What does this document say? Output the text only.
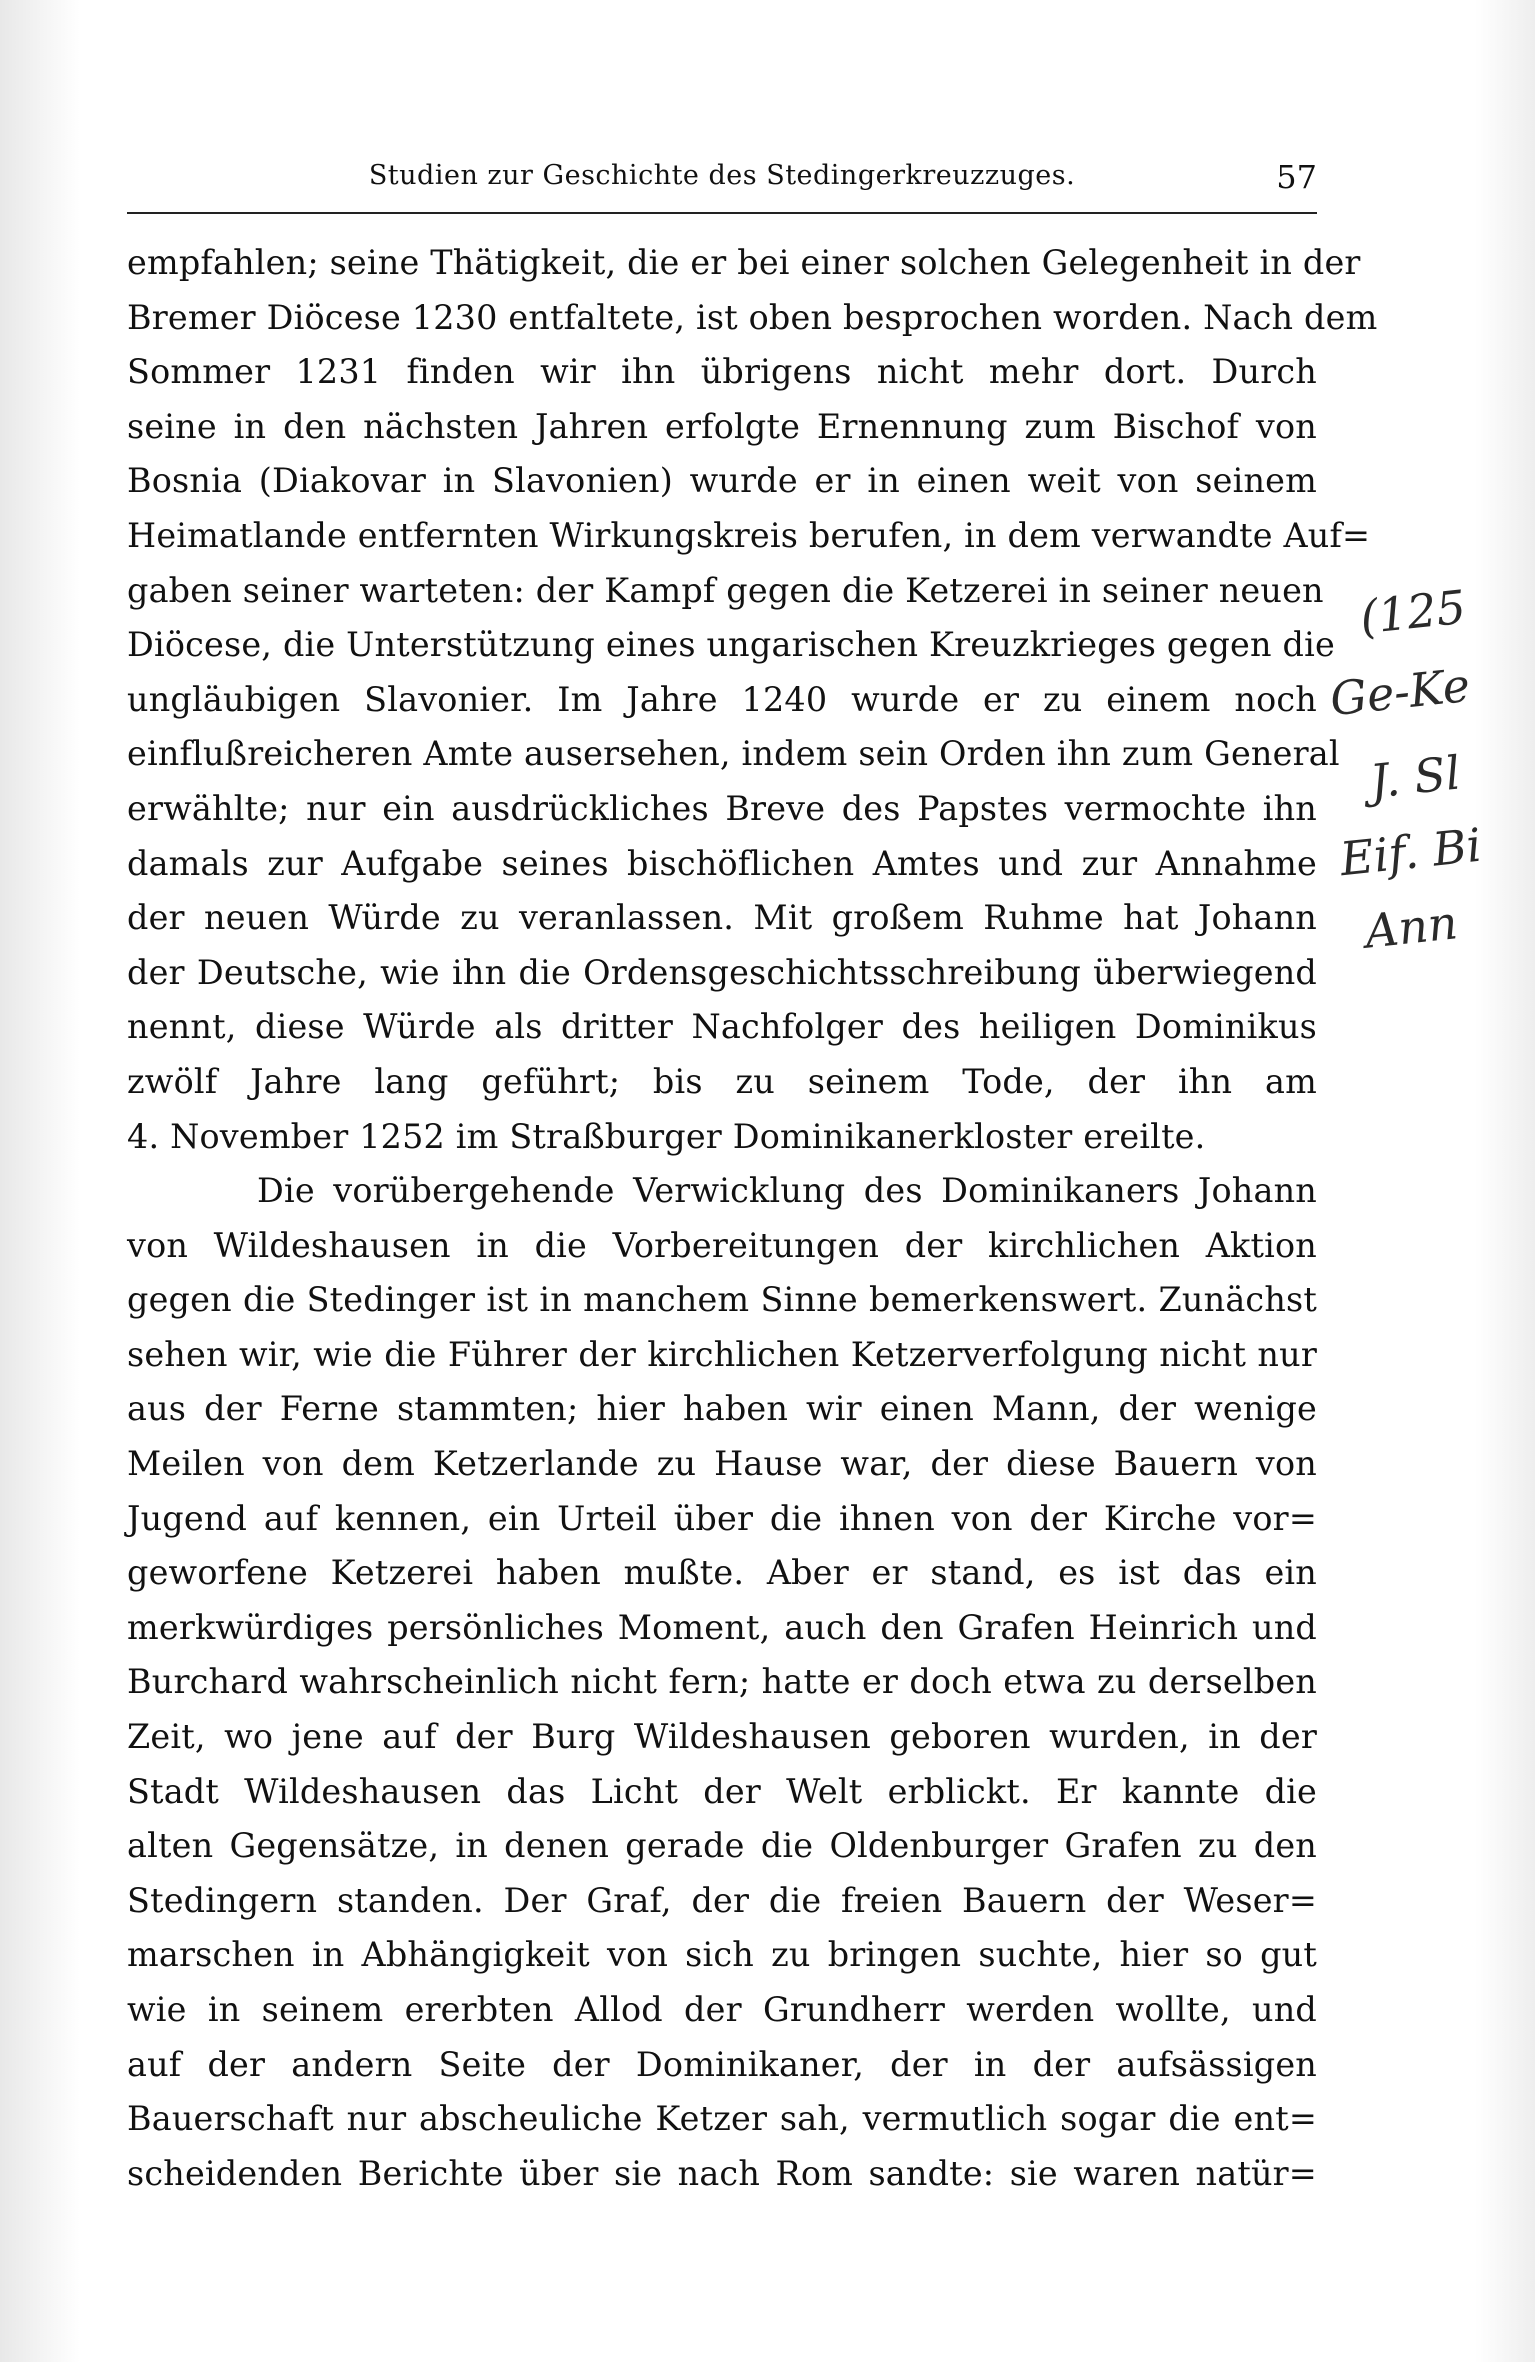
Studien zur Geschichte des Stedingerkreuzzuges.	57
empfahlen; seine Thätigkeit, die er bei einer solchen Gelegenheit in der
Bremer Diöcese 1230 entfaltete, ist oben besprochen worden. Nach dem
Sommer 1231 finden wir ihn übrigens nicht mehr dort. Durch
seine in den nächsten Jahren erfolgte Ernennung zum Bischof von
Bosnia (Diakovar in Slavonien) wurde er in einen weit von seinem
Heimatlande entfernten Wirkungskreis berufen, in dem verwandte Auf=
gaben seiner warteten: der Kampf gegen die Ketzerei in seiner neuen
Diöcese, die Unterstützung eines ungarischen Kreuzkrieges gegen die
ungläubigen Slavonier. Im Jahre 1240 wurde er zu einem noch
einflußreicheren Amte ausersehen, indem sein Orden ihn zum General
erwählte; nur ein ausdrückliches Breve des Papstes vermochte ihn
damals zur Aufgabe seines bischöflichen Amtes und zur Annahme
der neuen Würde zu veranlassen. Mit großem Ruhme hat Johann
der Deutsche, wie ihn die Ordensgeschichtsschreibung überwiegend
nennt, diese Würde als dritter Nachfolger des heiligen Dominikus
zwölf Jahre lang geführt; bis zu seinem Tode, der ihn am
4. November 1252 im Straßburger Dominikanerkloster ereilte.
Die vorübergehende Verwicklung des Dominikaners Johann
von Wildeshausen in die Vorbereitungen der kirchlichen Aktion
gegen die Stedinger ist in manchem Sinne bemerkenswert. Zunächst
sehen wir, wie die Führer der kirchlichen Ketzerverfolgung nicht nur
aus der Ferne stammten; hier haben wir einen Mann, der wenige
Meilen von dem Ketzerlande zu Hause war, der diese Bauern von
Jugend auf kennen, ein Urteil über die ihnen von der Kirche vor=
geworfene Ketzerei haben mußte. Aber er stand, es ist das ein
merkwürdiges persönliches Moment, auch den Grafen Heinrich und
Burchard wahrscheinlich nicht fern; hatte er doch etwa zu derselben
Zeit, wo jene auf der Burg Wildeshausen geboren wurden, in der
Stadt Wildeshausen das Licht der Welt erblickt. Er kannte die
alten Gegensätze, in denen gerade die Oldenburger Grafen zu den
Stedingern standen. Der Graf, der die freien Bauern der Weser=
marschen in Abhängigkeit von sich zu bringen suchte, hier so gut
wie in seinem ererbten Allod der Grundherr werden wollte, und
auf der andern Seite der Dominikaner, der in der aufsässigen
Bauerschaft nur abscheuliche Ketzer sah, vermutlich sogar die ent=
scheidenden Berichte über sie nach Rom sandte: sie waren natür=
(125
Ge-Ke
J. Sl
Eif. Bi
Ann
